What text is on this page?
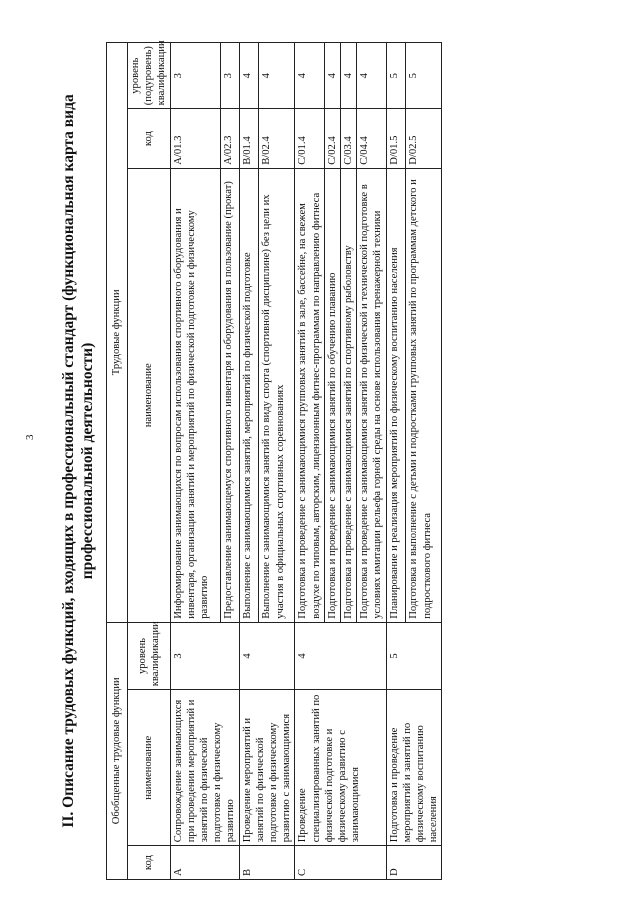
3 II. Описание трудовых функций, входящих в профессиональный стандарт (функциональная карта вида профессиональной деятельности)
Обобщенные трудовые функции			Трудовые функции		
код	наименование	уровень квалификации	наименование	код	уровень (подуровень) квалификации
A	Сопровождение занимающихся при проведении мероприятий и занятий по физической подготовке и физическому развитию	3	Информирование занимающихся по вопросам использования спортивного оборудования и инвентаря, организации занятий и мероприятий по физической подготовке и физическому развитию	A/01.3	3
			Предоставление занимающемуся спортивного инвентаря и оборудования в пользование (прокат)	A/02.3	3
B	Проведение мероприятий и занятий по физической подготовке и физическому развитию с занимающимися	4	Выполнение с занимающимися занятий, мероприятий по физической подготовке	B/01.4	4
			Выполнение с занимающимися занятий по виду спорта (спортивной дисциплине) без цели их участия в официальных спортивных соревнованиях	B/02.4	4
C	Проведение специализированных занятий по физической подготовке и физическому развитию с занимающимися	4	Подготовка и проведение с занимающимися групповых занятий в зале, бассейне, на свежем воздухе по типовым, авторским, лицензионным фитнес-программам по направлению фитнеса	C/01.4	4
			Подготовка и проведение с занимающимися занятий по обучению плаванию	C/02.4	4
			Подготовка и проведение с занимающимися занятий по спортивному рыболовству	C/03.4	4
			Подготовка и проведение с занимающимися занятий по физической и технической подготовке в условиях имитации рельефа горной среды на основе использования тренажерной техники	C/04.4	4
D	Подготовка и проведение мероприятий и занятий по физическому воспитанию населения	5	Планирование и реализация мероприятий по физическому воспитанию населения	D/01.5	5
			Подготовка и выполнение с детьми и подростками групповых занятий по программам детского и подросткового фитнеса	D/02.5	5
